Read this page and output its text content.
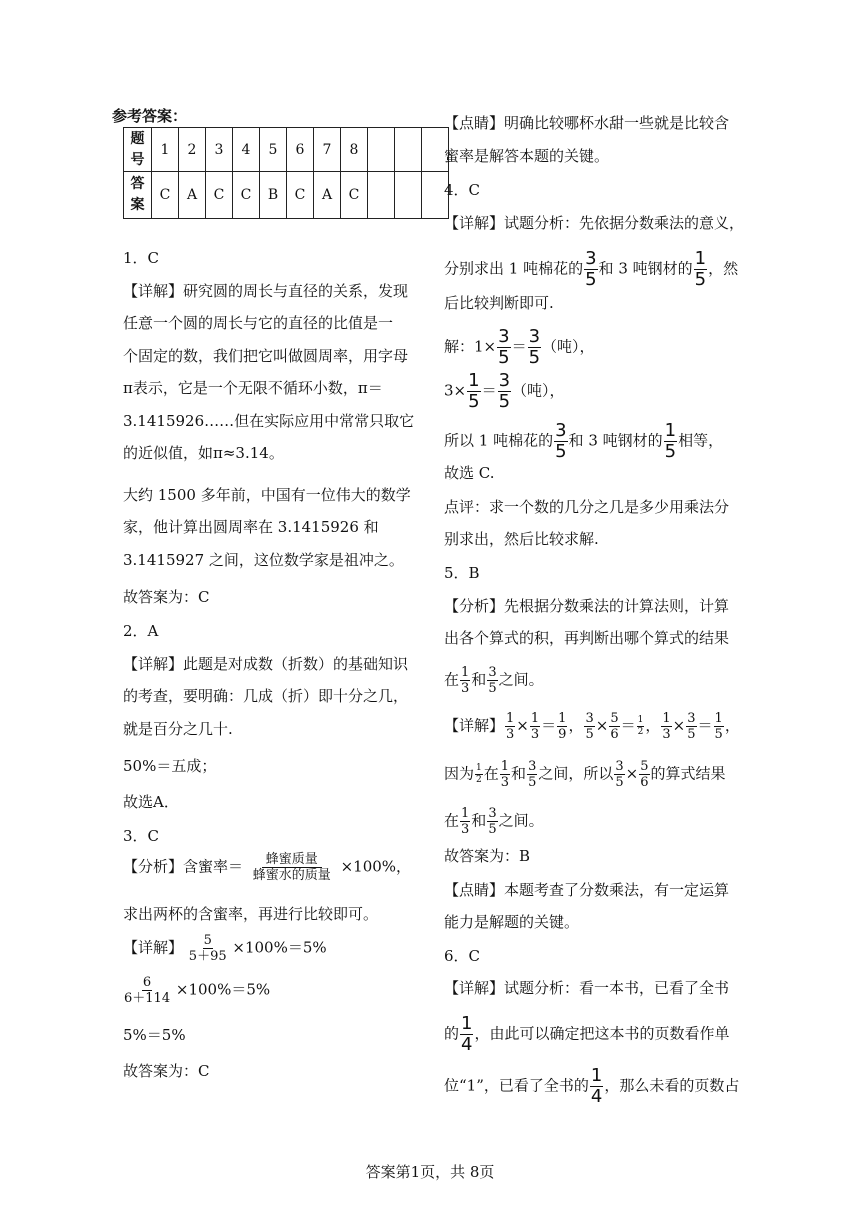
参考答案：
题号	1	2	3	4	5	6	7	8			
答案	C	A	C	C	B	C	A	C			
1．C
【详解】研究圆的周长与直径的关系，发现
任意一个圆的周长与它的直径的比值是一
个固定的数，我们把它叫做圆周率，用字母
π表示，它是一个无限不循环小数，π＝
3.1415926……但在实际应用中常常只取它
的近似值，如π≈3.14。
大约 1500 多年前，中国有一位伟大的数学
家，他计算出圆周率在 3.1415926 和
3.1415927 之间，这位数学家是祖冲之。
故答案为：C
2．A
【详解】此题是对成数（折数）的基础知识
的考查，要明确：几成（折）即十分之几，
就是百分之几十.
50%＝五成；
故选A．
3．C
【分析】含蜜率＝ $\frac{\text{蜂蜜质量}}{\text{蜂蜜水的质量}} \times 100\%$，
求出两杯的含蜜率，再进行比较即可。
【详解】 $\frac{5}{5+95} \times 100\%=5\%$
$\frac{6}{6+114} \times 100\%=5\%$
5%＝5%
故答案为：C
【点睛】明确比较哪杯水甜一些就是比较含
蜜率是解答本题的关键。
4．C
【详解】试题分析：先依据分数乘法的意义，
分别求出 1 吨棉花的 $\frac{3}{5}$ 和 3 吨钢材的 $\frac{1}{5}$ ，然
后比较判断即可.
解：$1\times \frac{3}{5} = \frac{3}{5}$ （吨），
$3\times \frac{1}{5} = \frac{3}{5}$ （吨），
所以 1 吨棉花的 $\frac{3}{5}$ 和 3 吨钢材的 $\frac{1}{5}$ 相等，
故选 C.
点评：求一个数的几分之几是多少用乘法分
别求出，然后比较求解.
5．B
【分析】先根据分数乘法的计算法则，计算
出各个算式的积，再判断出哪个算式的结果
在 $\frac{1}{3}$ 和 $\frac{3}{5}$ 之间。
【详解】 $\frac{1}{3} \times \frac{1}{3} = \frac{1}{9}$ ， $\frac{3}{5} \times \frac{5}{6} = \frac{1}{2}$ ， $\frac{1}{3} \times \frac{3}{5} = \frac{1}{5}$ ，
因为 $\frac{1}{2}$ 在 $\frac{1}{3}$ 和 $\frac{3}{5}$ 之间，所以 $\frac{3}{5} \times \frac{5}{6}$ 的算式结果
在 $\frac{1}{3}$ 和 $\frac{3}{5}$ 之间。
故答案为：B
【点睛】本题考查了分数乘法，有一定运算
能力是解题的关键。
6．C
【详解】试题分析：看一本书，已看了全书
的 $\frac{1}{4}$ ，由此可以确定把这本书的页数看作单
位“1”，已看了全书的 $\frac{1}{4}$ ，那么未看的页数占
答案第1页，共 8页
